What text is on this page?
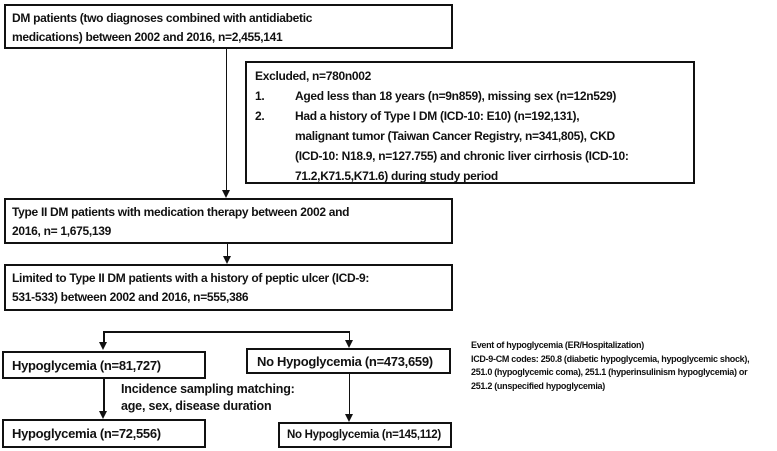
DM patients (two diagnoses combined with antidiabetic
medications) between 2002 and 2016, n=2,455,141
Excluded, n=780n002
1.	Aged less than 18 years (n=9n859), missing sex (n=12n529)
2.	Had a history of Type I DM (ICD-10: E10) (n=192,131),
malignant tumor (Taiwan Cancer Registry, n=341,805), CKD
(ICD-10: N18.9, n=127.755) and chronic liver cirrhosis (ICD-10:
71.2,K71.5,K71.6) during study period
Type II DM patients with medication therapy between 2002 and
2016, n= 1,675,139
Limited to Type II DM patients with a history of peptic ulcer (ICD-9:
531-533) between 2002 and 2016, n=555,386
Hypoglycemia (n=81,727)	No Hypoglycemia (n=473,659)
Incidence sampling matching:
age, sex, disease duration
Hypoglycemia (n=72,556)	No Hypoglycemia (n=145,112)
Event of hypoglycemia (ER/Hospitalization)
ICD-9-CM codes: 250.8 (diabetic hypoglycemia, hypoglycemic shock),
251.0 (hypoglycemic coma), 251.1 (hyperinsulinism hypoglycemia) or
251.2 (unspecified hypoglycemia)
